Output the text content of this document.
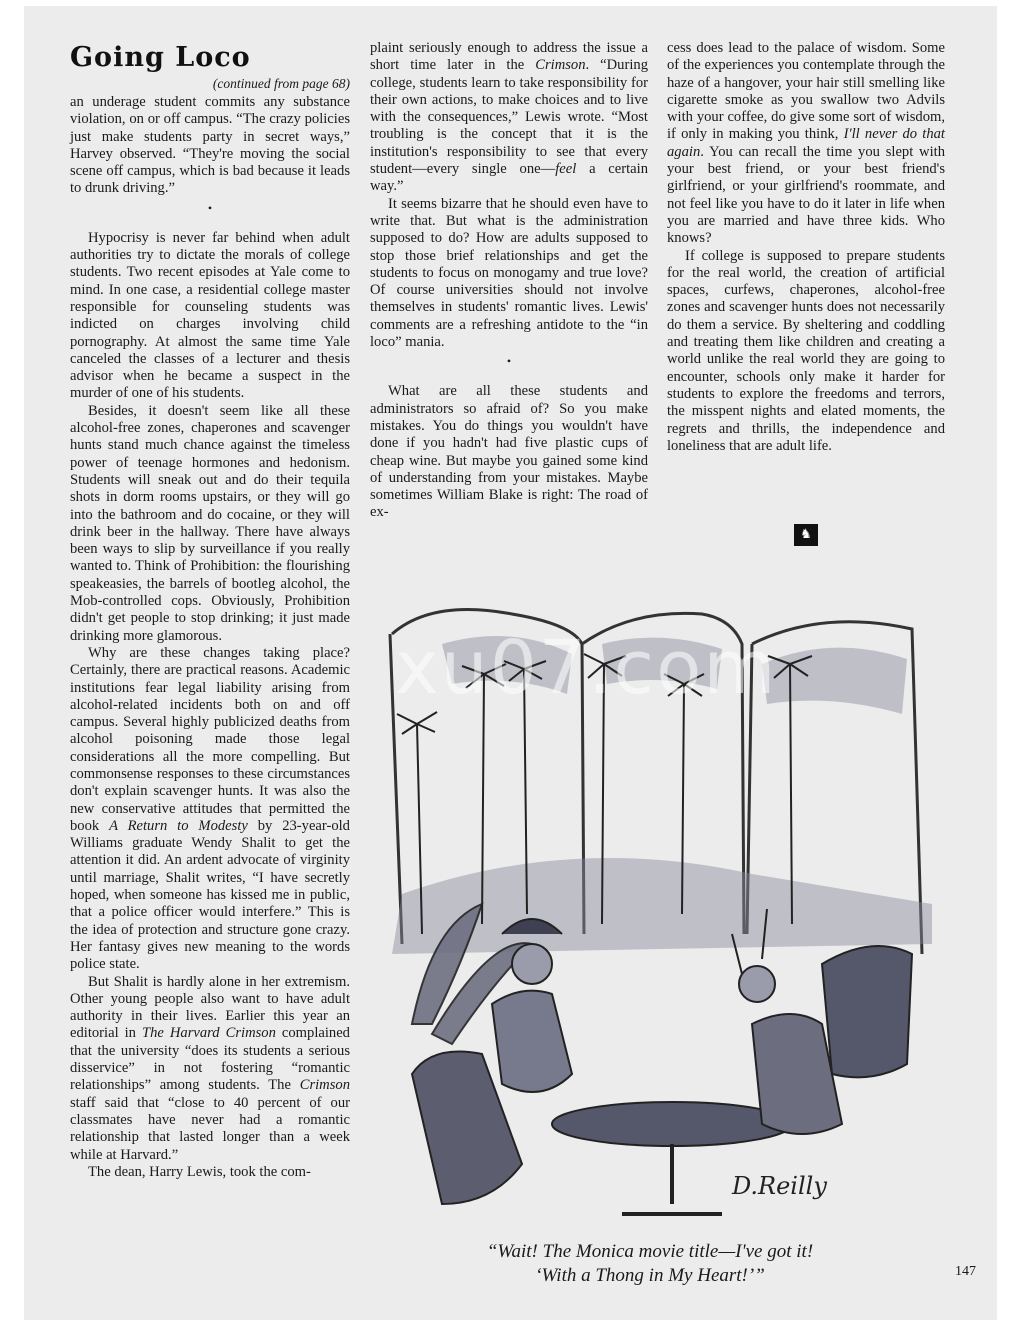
Going Loco
(continued from page 68)

an underage student commits any substance violation, on or off campus. “The crazy policies just make students party in secret ways,” Harvey observed. “They're moving the social scene off campus, which is bad because it leads to drunk driving.”

•

Hypocrisy is never far behind when adult authorities try to dictate the morals of college students. Two recent episodes at Yale come to mind. In one case, a residential college master responsible for counseling students was indicted on charges involving child pornography. At almost the same time Yale canceled the classes of a lecturer and thesis advisor when he became a suspect in the murder of one of his students.

Besides, it doesn't seem like all these alcohol-free zones, chaperones and scavenger hunts stand much chance against the timeless power of teenage hormones and hedonism. Students will sneak out and do their tequila shots in dorm rooms upstairs, or they will go into the bathroom and do cocaine, or they will drink beer in the hallway. There have always been ways to slip by surveillance if you really wanted to. Think of Prohibition: the flourishing speakeasies, the barrels of bootleg alcohol, the Mob-controlled cops. Obviously, Prohibition didn't get people to stop drinking; it just made drinking more glamorous.

Why are these changes taking place? Certainly, there are practical reasons. Academic institutions fear legal liability arising from alcohol-related incidents both on and off campus. Several highly publicized deaths from alcohol poisoning made those legal considerations all the more compelling. But commonsense responses to these circumstances don't explain scavenger hunts. It was also the new conservative attitudes that permitted the book A Return to Modesty by 23-year-old Williams graduate Wendy Shalit to get the attention it did. An ardent advocate of virginity until marriage, Shalit writes, “I have secretly hoped, when someone has kissed me in public, that a police officer would interfere.” This is the idea of protection and structure gone crazy. Her fantasy gives new meaning to the words police state.

But Shalit is hardly alone in her extremism. Other young people also want to have adult authority in their lives. Earlier this year an editorial in The Harvard Crimson complained that the university “does its students a serious disservice” in not fostering “romantic relationships” among students. The Crimson staff said that “close to 40 percent of our classmates have never had a romantic relationship that lasted longer than a week while at Harvard.”

The dean, Harry Lewis, took the com-

plaint seriously enough to address the issue a short time later in the Crimson. “During college, students learn to take responsibility for their own actions, to make choices and to live with the consequences,” Lewis wrote. “Most troubling is the concept that it is the institution's responsibility to see that every student—every single one—feel a certain way.”

It seems bizarre that he should even have to write that. But what is the administration supposed to do? How are adults supposed to stop those brief relationships and get the students to focus on monogamy and true love? Of course universities should not involve themselves in students' romantic lives. Lewis' comments are a refreshing antidote to the “in loco” mania.

•

What are all these students and administrators so afraid of? So you make mistakes. You do things you wouldn't have done if you hadn't had five plastic cups of cheap wine. But maybe you gained some kind of understanding from your mistakes. Maybe sometimes William Blake is right: The road of ex-

cess does lead to the palace of wisdom. Some of the experiences you contemplate through the haze of a hangover, your hair still smelling like cigarette smoke as you swallow two Advils with your coffee, do give some sort of wisdom, if only in making you think, I'll never do that again. You can recall the time you slept with your best friend, or your best friend's girlfriend, or your girlfriend's roommate, and not feel like you have to do it later in life when you are married and have three kids. Who knows?

If college is supposed to prepare students for the real world, the creation of artificial spaces, curfews, chaperones, alcohol-free zones and scavenger hunts does not necessarily do them a service. By sheltering and coddling and treating them like children and creating a world unlike the real world they are going to encounter, schools only make it harder for students to explore the freedoms and terrors, the misspent nights and elated moments, the regrets and thrills, the independence and loneliness that are adult life.

♞
D.Reilly
xu07.com
“Wait! The Monica movie title—I've got it!
‘With a Thong in My Heart!’”	147
